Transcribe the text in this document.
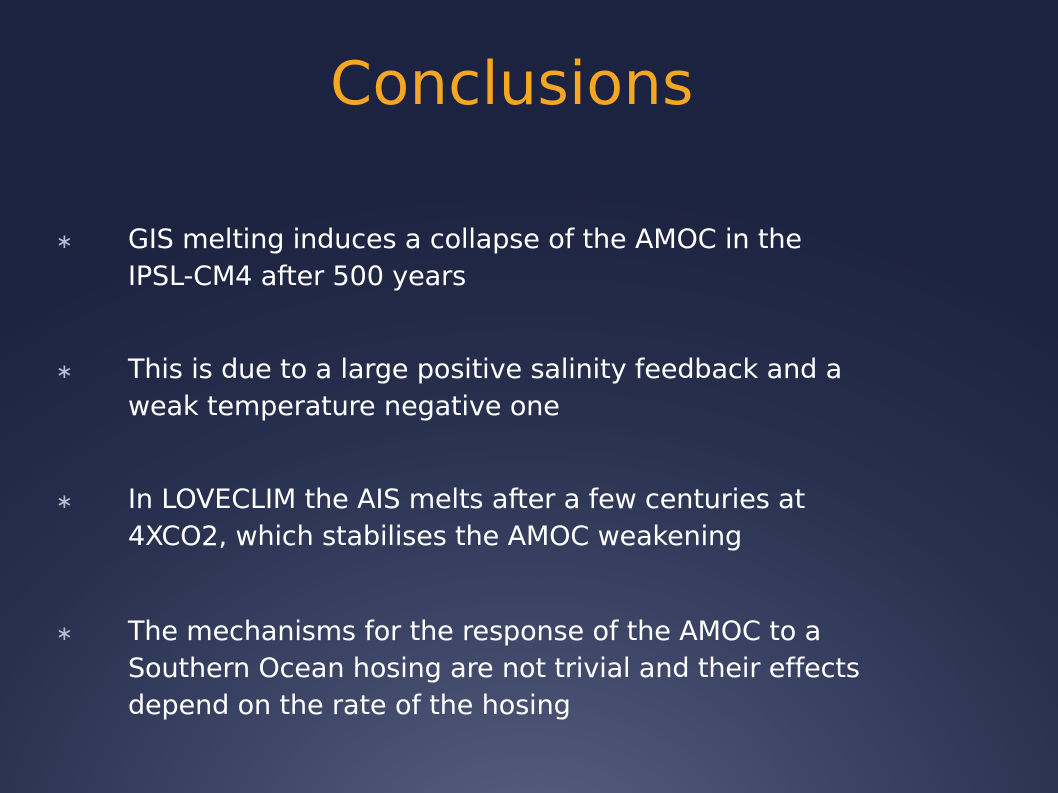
Conclusions
∗	GIS melting induces a collapse of the AMOC in the
IPSL-CM4 after 500 years
∗	This is due to a large positive salinity feedback and a
weak temperature negative one
∗	In LOVECLIM the AIS melts after a few centuries at
4XCO2, which stabilises the AMOC weakening
∗	The mechanisms for the response of the AMOC to a
Southern Ocean hosing are not trivial and their effects
depend on the rate of the hosing
